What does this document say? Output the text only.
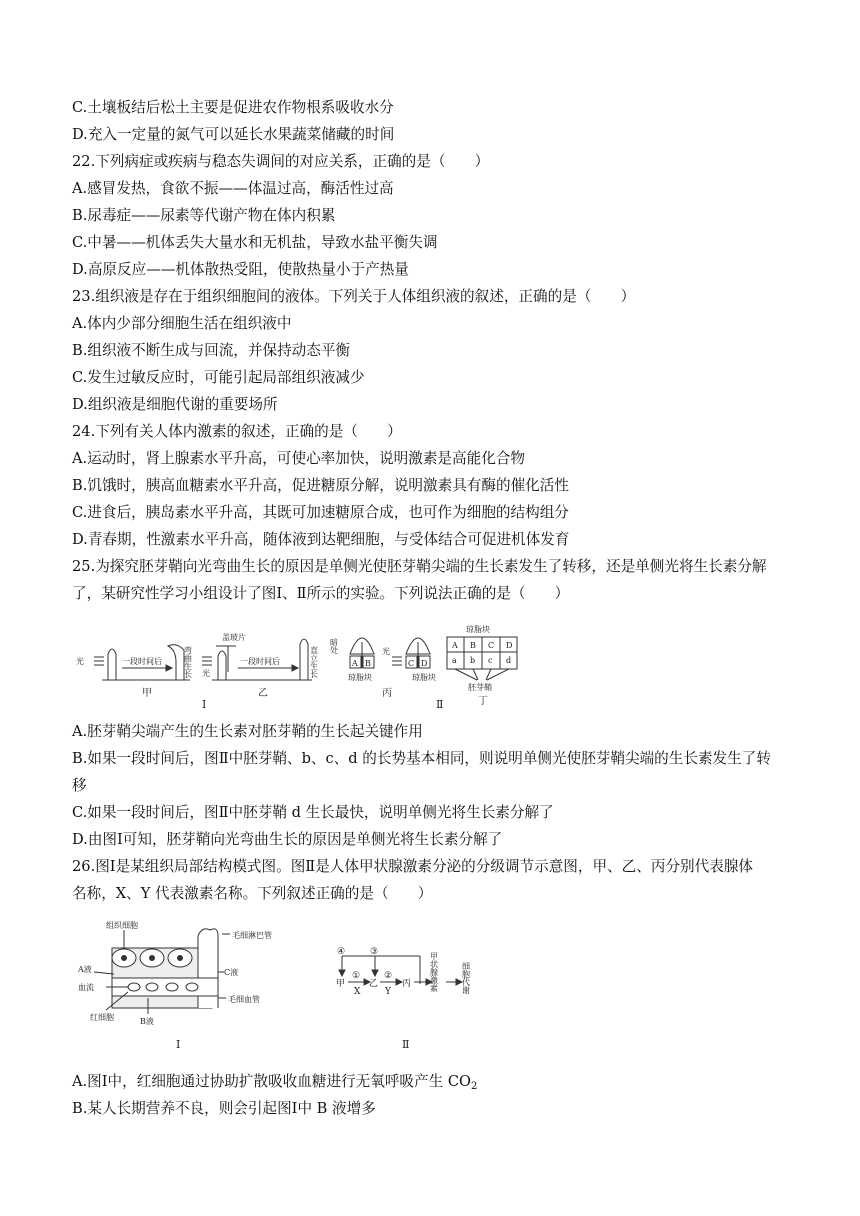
C.土壤板结后松土主要是促进农作物根系吸收水分
D.充入一定量的氮气可以延长水果蔬菜储藏的时间
22.下列病症或疾病与稳态失调间的对应关系，正确的是（　　）
A.感冒发热，食欲不振——体温过高，酶活性过高
B.尿毒症——尿素等代谢产物在体内积累
C.中暑——机体丢失大量水和无机盐，导致水盐平衡失调
D.高原反应——机体散热受阻，使散热量小于产热量
23.组织液是存在于组织细胞间的液体。下列关于人体组织液的叙述，正确的是（　　）
A.体内少部分细胞生活在组织液中
B.组织液不断生成与回流，并保持动态平衡
C.发生过敏反应时，可能引起局部组织液减少
D.组织液是细胞代谢的重要场所
24.下列有关人体内激素的叙述，正确的是（　　）
A.运动时，肾上腺素水平升高，可使心率加快，说明激素是高能化合物
B.饥饿时，胰高血糖素水平升高，促进糖原分解，说明激素具有酶的催化活性
C.进食后，胰岛素水平升高，其既可加速糖原合成，也可作为细胞的结构组分
D.青春期，性激素水平升高，随体液到达靶细胞，与受体结合可促进机体发育
25.为探究胚芽鞘向光弯曲生长的原因是单侧光使胚芽鞘尖端的生长素发生了转移，还是单侧光将生长素分解
了，某研究性学习小组设计了图Ⅰ、Ⅱ所示的实验。下列说法正确的是（　　）
光	一段时间后	弯曲生长
甲
光
盖玻片
一段时间后	直立生长
乙
暗处
A B	C D
光
琼脂块	琼脂块
丙
琼脂块
A B C D
a b c d
胚芽鞘
丁
Ⅰ	Ⅱ
A.胚芽鞘尖端产生的生长素对胚芽鞘的生长起关键作用
B.如果一段时间后，图Ⅱ中胚芽鞘、b、c、d 的长势基本相同，则说明单侧光使胚芽鞘尖端的生长素发生了转
移
C.如果一段时间后，图Ⅱ中胚芽鞘 d 生长最快，说明单侧光将生长素分解了
D.由图Ⅰ可知，胚芽鞘向光弯曲生长的原因是单侧光将生长素分解了
26.图Ⅰ是某组织局部结构模式图。图Ⅱ是人体甲状腺激素分泌的分级调节示意图，甲、乙、丙分别代表腺体
名称，X、Y 代表激素名称。下列叙述正确的是（　　）
组织细胞
毛细淋巴管
A液	C液
血流
毛细血管
红细胞	B液
Ⅰ
④	③
①	②
甲	乙	丙
X	Y	甲状腺激素	细胞代谢
Ⅱ
A.图Ⅰ中，红细胞通过协助扩散吸收血糖进行无氧呼吸产生 $CO_2$
B.某人长期营养不良，则会引起图Ⅰ中 B 液增多
